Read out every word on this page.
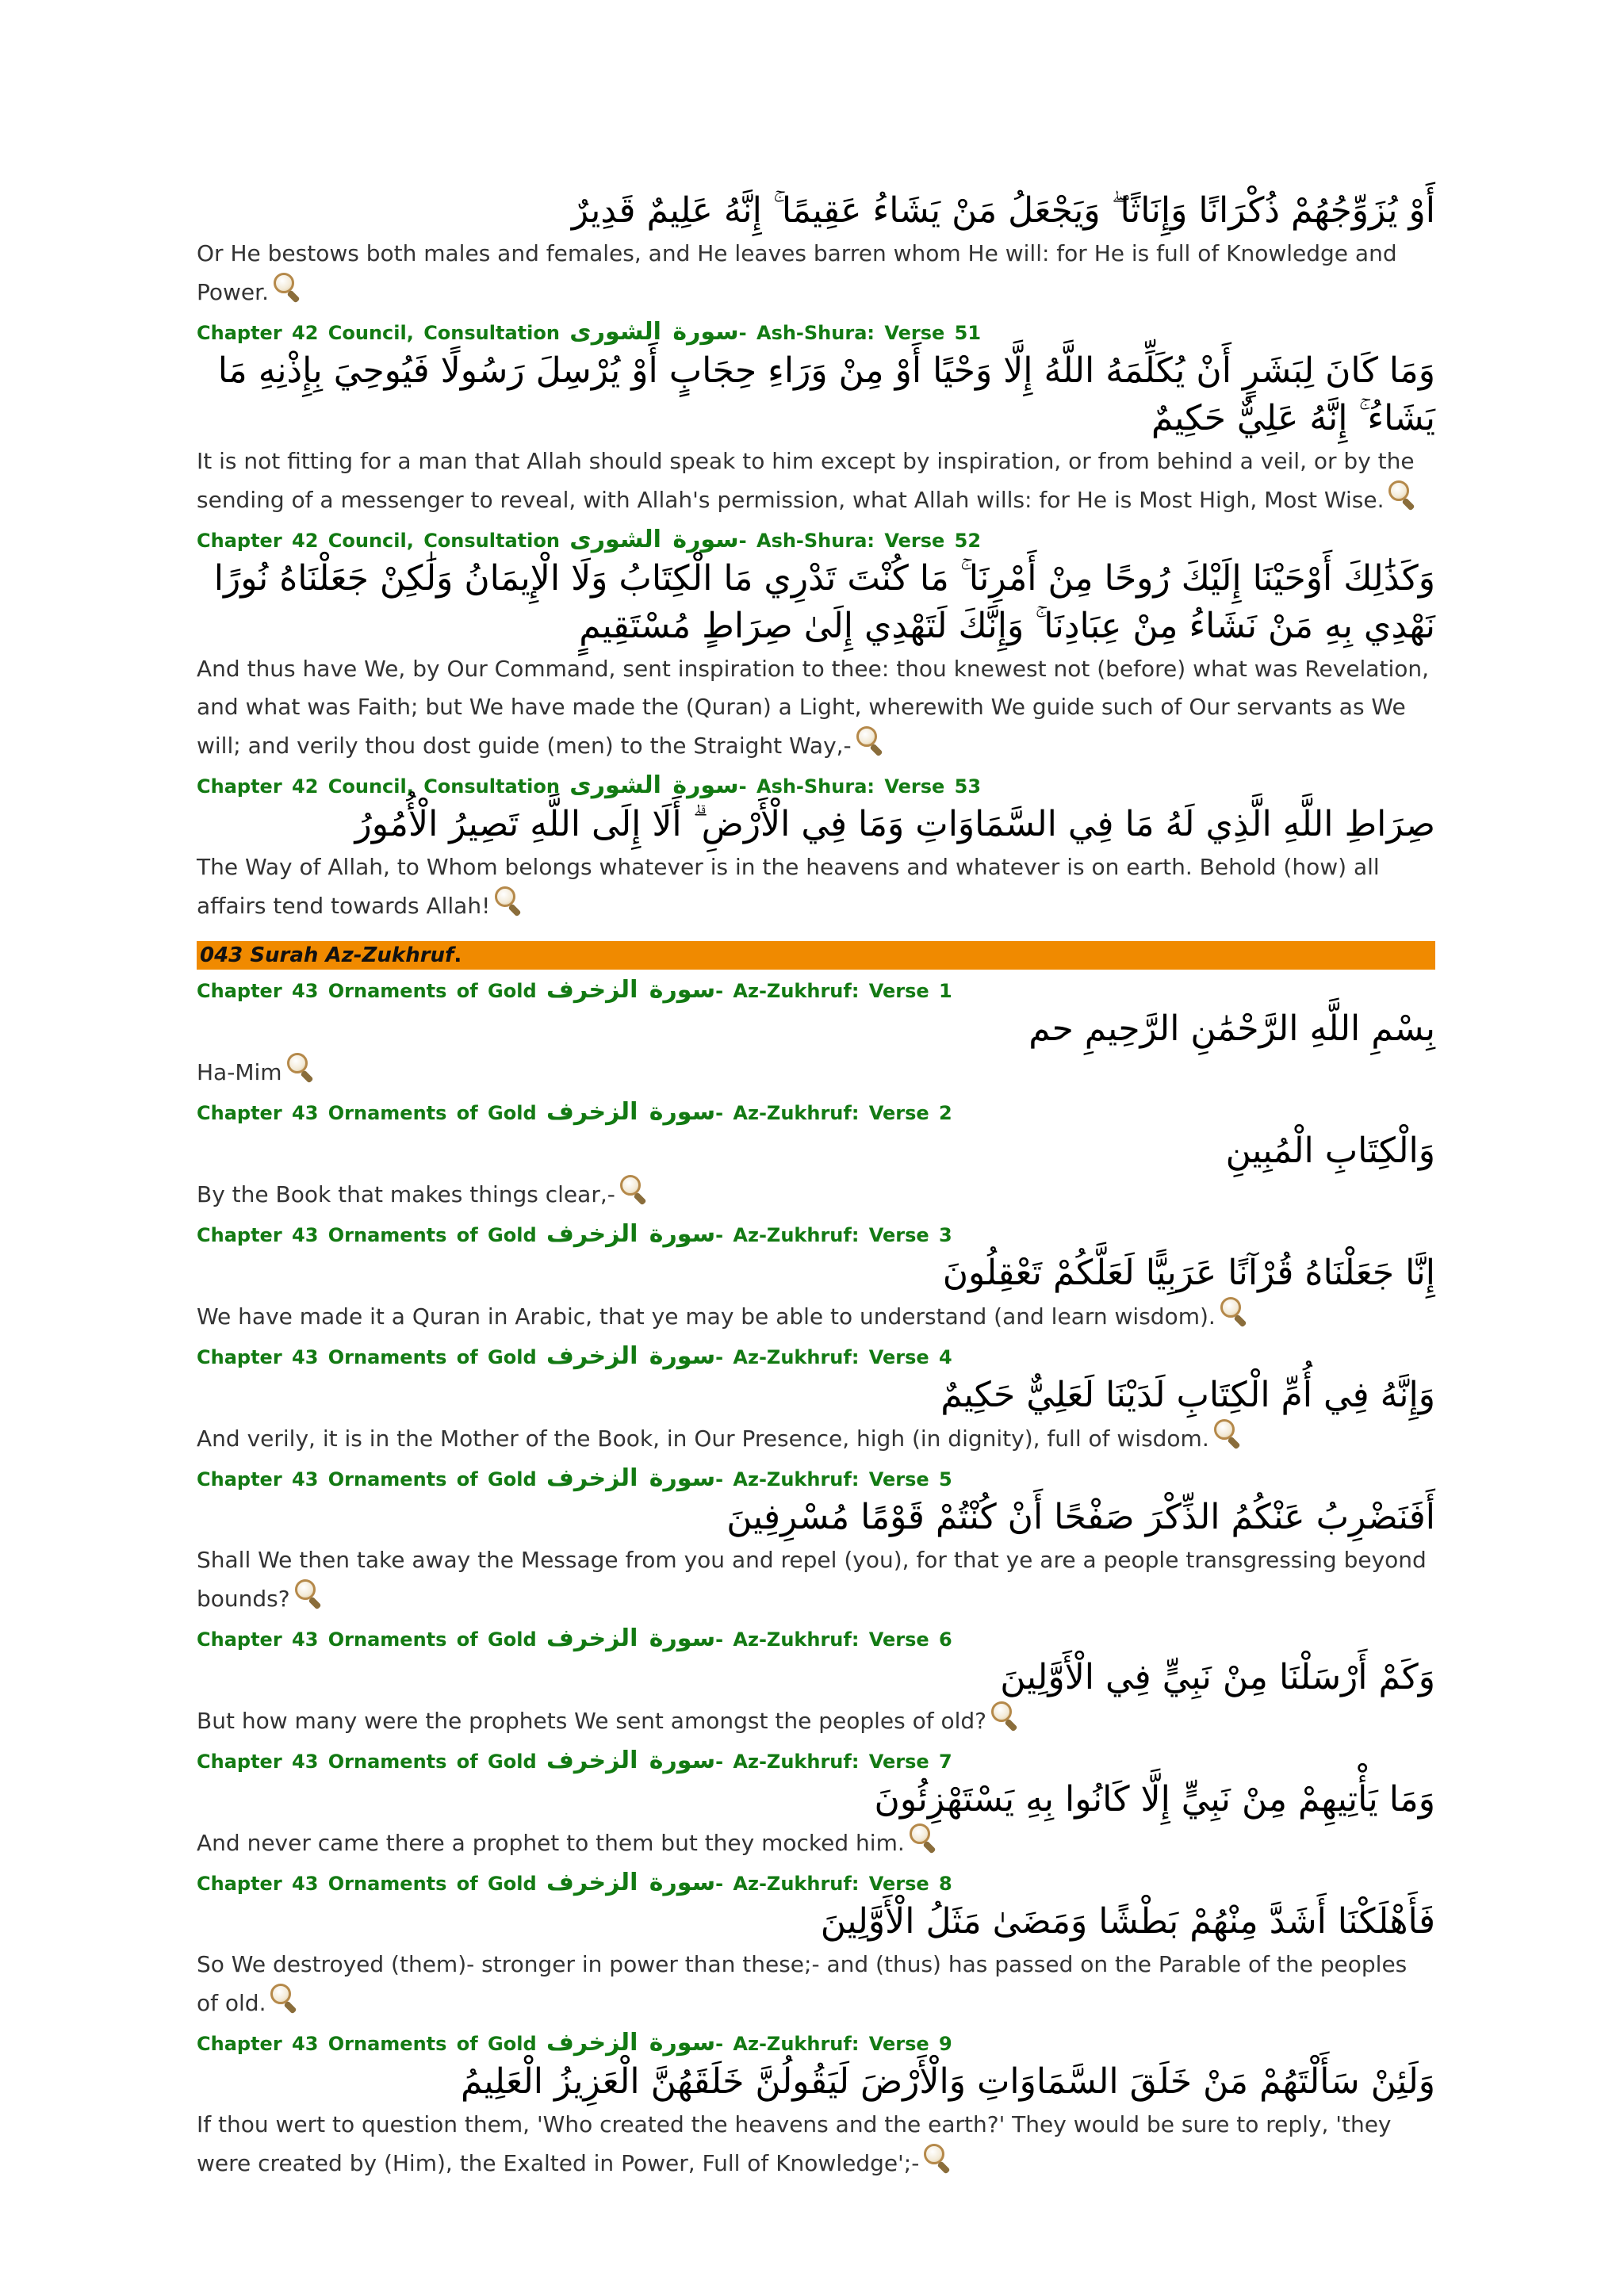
أَوْ يُزَوِّجُهُمْ ذُكْرَانًا وَإِنَاثًا ۖ وَيَجْعَلُ مَنْ يَشَاءُ عَقِيمًا ۚ إِنَّهُ عَلِيمٌ قَدِيرٌ

Or He bestows both males and females, and He leaves barren whom He will: for He is full of Knowledge and Power.

Chapter 42 Council, Consultation سورة الشورى- Ash-Shura: Verse 51

وَمَا كَانَ لِبَشَرٍ أَنْ يُكَلِّمَهُ اللَّهُ إِلَّا وَحْيًا أَوْ مِنْ وَرَاءِ حِجَابٍ أَوْ يُرْسِلَ رَسُولًا فَيُوحِيَ بِإِذْنِهِ مَا يَشَاءُ ۚ إِنَّهُ عَلِيٌّ حَكِيمٌ

It is not fitting for a man that Allah should speak to him except by inspiration, or from behind a veil, or by the sending of a messenger to reveal, with Allah's permission, what Allah wills: for He is Most High, Most Wise.

Chapter 42 Council, Consultation سورة الشورى- Ash-Shura: Verse 52

وَكَذَٰلِكَ أَوْحَيْنَا إِلَيْكَ رُوحًا مِنْ أَمْرِنَا ۚ مَا كُنْتَ تَدْرِي مَا الْكِتَابُ وَلَا الْإِيمَانُ وَلَٰكِنْ جَعَلْنَاهُ نُورًا نَهْدِي بِهِ مَنْ نَشَاءُ مِنْ عِبَادِنَا ۚ وَإِنَّكَ لَتَهْدِي إِلَىٰ صِرَاطٍ مُسْتَقِيمٍ

And thus have We, by Our Command, sent inspiration to thee: thou knewest not (before) what was Revelation, and what was Faith; but We have made the (Quran) a Light, wherewith We guide such of Our servants as We will; and verily thou dost guide (men) to the Straight Way,-

Chapter 42 Council, Consultation سورة الشورى- Ash-Shura: Verse 53

صِرَاطِ اللَّهِ الَّذِي لَهُ مَا فِي السَّمَاوَاتِ وَمَا فِي الْأَرْضِ ۗ أَلَا إِلَى اللَّهِ تَصِيرُ الْأُمُورُ

The Way of Allah, to Whom belongs whatever is in the heavens and whatever is on earth. Behold (how) all affairs tend towards Allah!

043 Surah Az-Zukhruf.
Chapter 43 Ornaments of Gold سورة الزخرف- Az-Zukhruf: Verse 1

بِسْمِ اللَّهِ الرَّحْمَٰنِ الرَّحِيمِ حم

Ha-Mim

Chapter 43 Ornaments of Gold سورة الزخرف- Az-Zukhruf: Verse 2

وَالْكِتَابِ الْمُبِينِ

By the Book that makes things clear,-

Chapter 43 Ornaments of Gold سورة الزخرف- Az-Zukhruf: Verse 3

إِنَّا جَعَلْنَاهُ قُرْآنًا عَرَبِيًّا لَعَلَّكُمْ تَعْقِلُونَ

We have made it a Quran in Arabic, that ye may be able to understand (and learn wisdom).

Chapter 43 Ornaments of Gold سورة الزخرف- Az-Zukhruf: Verse 4

وَإِنَّهُ فِي أُمِّ الْكِتَابِ لَدَيْنَا لَعَلِيٌّ حَكِيمٌ

And verily, it is in the Mother of the Book, in Our Presence, high (in dignity), full of wisdom.

Chapter 43 Ornaments of Gold سورة الزخرف- Az-Zukhruf: Verse 5

أَفَنَضْرِبُ عَنْكُمُ الذِّكْرَ صَفْحًا أَنْ كُنْتُمْ قَوْمًا مُسْرِفِينَ

Shall We then take away the Message from you and repel (you), for that ye are a people transgressing beyond bounds?

Chapter 43 Ornaments of Gold سورة الزخرف- Az-Zukhruf: Verse 6

وَكَمْ أَرْسَلْنَا مِنْ نَبِيٍّ فِي الْأَوَّلِينَ

But how many were the prophets We sent amongst the peoples of old?

Chapter 43 Ornaments of Gold سورة الزخرف- Az-Zukhruf: Verse 7

وَمَا يَأْتِيهِمْ مِنْ نَبِيٍّ إِلَّا كَانُوا بِهِ يَسْتَهْزِئُونَ

And never came there a prophet to them but they mocked him.

Chapter 43 Ornaments of Gold سورة الزخرف- Az-Zukhruf: Verse 8

فَأَهْلَكْنَا أَشَدَّ مِنْهُمْ بَطْشًا وَمَضَىٰ مَثَلُ الْأَوَّلِينَ

So We destroyed (them)- stronger in power than these;- and (thus) has passed on the Parable of the peoples of old.

Chapter 43 Ornaments of Gold سورة الزخرف- Az-Zukhruf: Verse 9

وَلَئِنْ سَأَلْتَهُمْ مَنْ خَلَقَ السَّمَاوَاتِ وَالْأَرْضَ لَيَقُولُنَّ خَلَقَهُنَّ الْعَزِيزُ الْعَلِيمُ

If thou wert to question them, 'Who created the heavens and the earth?' They would be sure to reply, 'they were created by (Him), the Exalted in Power, Full of Knowledge';-
